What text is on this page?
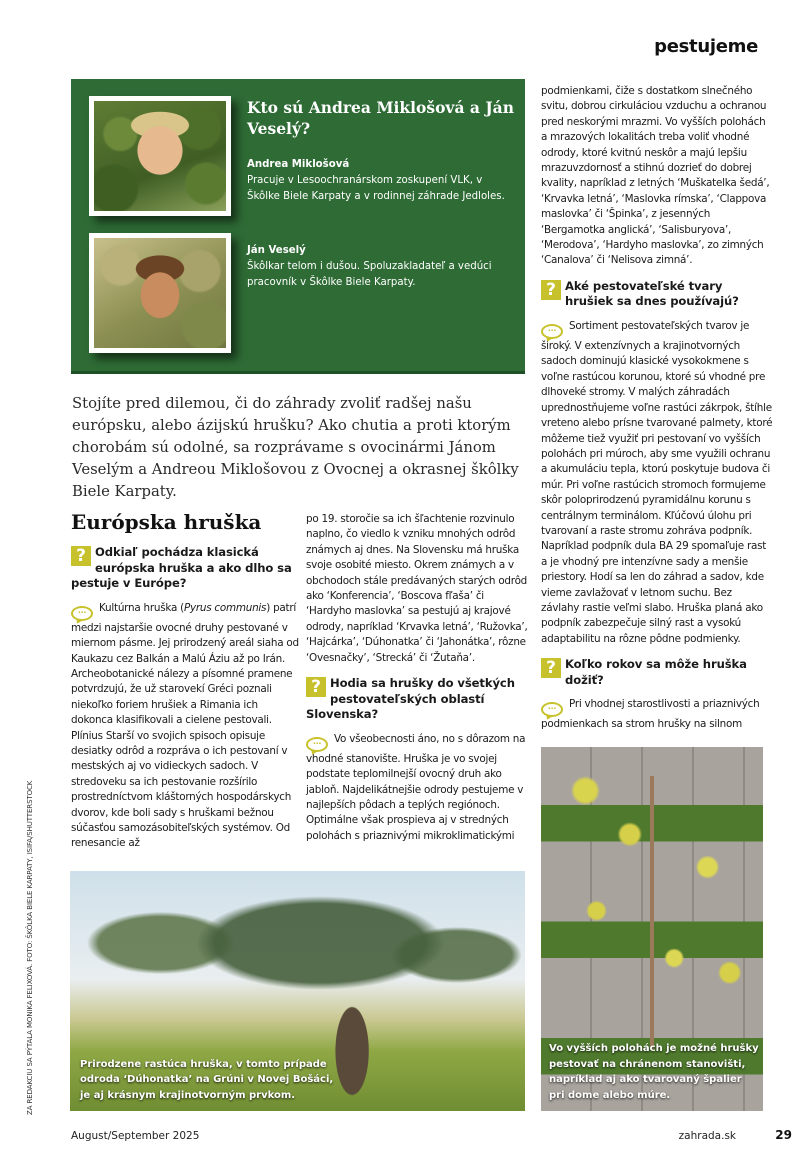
pestujeme
Kto sú Andrea Miklošová a Ján Veselý?
Andrea Miklošová
Pracuje v Lesoochranárskom zoskupení VLK, v Škôlke Biele Karpaty a v rodinnej záhrade Jedloles.
Ján Veselý
Škôlkar telom i dušou. Spoluzakladateľ a vedúci pracovník v Škôlke Biele Karpaty.

Stojíte pred dilemou, či do záhrady zvoliť radšej našu európsku, alebo ázijskú hrušku? Ako chutia a proti ktorým chorobám sú odolné, sa rozprávame s ovocinármi Jánom Veselým a Andreou Miklošovou z Ovocnej a okrasnej škôlky Biele Karpaty.

Európska hruška
? Odkiaľ pochádza klasická európska hruška a ako dlho sa pestuje v Európe?

··· Kultúrna hruška (Pyrus communis) patrí medzi najstaršie ovocné druhy pestované v miernom pásme. Jej prirodzený areál siaha od Kaukazu cez Balkán a Malú Áziu až po Irán. Archeobotanické nálezy a písomné pramene potvrdzujú, že už starovekí Gréci poznali niekoľko foriem hrušiek a Rimania ich dokonca klasifikovali a cielene pestovali. Plínius Starší vo svojich spisoch opisuje desiatky odrôd a rozpráva o ich pestovaní v mestských aj vo vidieckych sadoch. V stredoveku sa ich pestovanie rozšírilo prostredníctvom kláštorných hospodárskych dvorov, kde boli sady s hruškami bežnou súčasťou samozásobiteľských systémov. Od renesancie až

po 19. storočie sa ich šľachtenie rozvinulo naplno, čo viedlo k vzniku mnohých odrôd známych aj dnes. Na Slovensku má hruška svoje osobité miesto. Okrem známych a v obchodoch stále predávaných starých odrôd ako ‘Konferencia’, ‘Boscova fľaša’ či ‘Hardyho maslovka’ sa pestujú aj krajové odrody, napríklad ‘Krvavka letná’, ‘Ružovka’, ‘Hajcárka’, ‘Dúhonatka’ či ‘Jahonátka’, rôzne ‘Ovesnačky’, ‘Strecká’ či ‘Žutaňa’.

? Hodia sa hrušky do všetkých pestovateľských oblastí Slovenska?

··· Vo všeobecnosti áno, no s dôrazom na vhodné stanovište. Hruška je vo svojej podstate teplomilnejší ovocný druh ako jabloň. Najdelikátnejšie odrody pestujeme v najlepších pôdach a teplých regiónoch. Optimálne však prospieva aj v stredných polohách s priaznivými mikroklimatickými

podmienkami, čiže s dostatkom slnečného svitu, dobrou cirkuláciou vzduchu a ochranou pred neskorými mrazmi. Vo vyšších polohách a mrazových lokalitách treba voliť vhodné odrody, ktoré kvitnú neskôr a majú lepšiu mrazuvzdornosť a stihnú dozrieť do dobrej kvality, napríklad z letných ‘Muškatelka šedá’, ‘Krvavka letná’, ‘Maslovka rímska’, ‘Clappova maslovka’ či ‘Špinka’, z jesenných ‘Bergamotka anglická’, ‘Salisburyova’, ‘Merodova’, ‘Hardyho maslovka’, zo zimných ‘Canalova’ či ‘Nelisova zimná’.

? Aké pestovateľské tvary hrušiek sa dnes používajú?

··· Sortiment pestovateľských tvarov je široký. V extenzívnych a krajinotvorných sadoch dominujú klasické vysokokmene s voľne rastúcou korunou, ktoré sú vhodné pre dlhoveké stromy. V malých záhradách uprednostňujeme voľne rastúci zákrpok, štíhle vreteno alebo prísne tvarované palmety, ktoré môžeme tiež využiť pri pestovaní vo vyšších polohách pri múroch, aby sme využili ochranu a akumuláciu tepla, ktorú poskytuje budova či múr. Pri voľne rastúcich stromoch formujeme skôr poloprirodzenú pyramidálnu korunu s centrálnym terminálom. Kľúčovú úlohu pri tvarovaní a raste stromu zohráva podpník. Napríklad podpník dula BA 29 spomaľuje rast a je vhodný pre intenzívne sady a menšie priestory. Hodí sa len do záhrad a sadov, kde vieme zavlažovať v letnom suchu. Bez závlahy rastie veľmi slabo. Hruška planá ako podpník zabezpečuje silný rast a vysokú adaptabilitu na rôzne pôdne podmienky.

? Koľko rokov sa môže hruška dožiť?

··· Pri vhodnej starostlivosti a priaznivých podmienkach sa strom hrušky na silnom

Prirodzene rastúca hruška, v tomto prípade odroda ‘Dúhonatka’ na Grúni v Novej Bošáci, je aj krásnym krajinotvorným prvkom.
Vo vyšších polohách je možné hrušky pestovať na chránenom stanovišti, napríklad aj ako tvarovaný špalier pri dome alebo múre.
ZA REDAKCIU SA PÝTALA MONIKA FELIXOVÁ. FOTO: ŠKÔLKA BIELE KARPATY, ISIFA/SHUTTERSTOCK
August/September 2025	zahrada.sk	29
